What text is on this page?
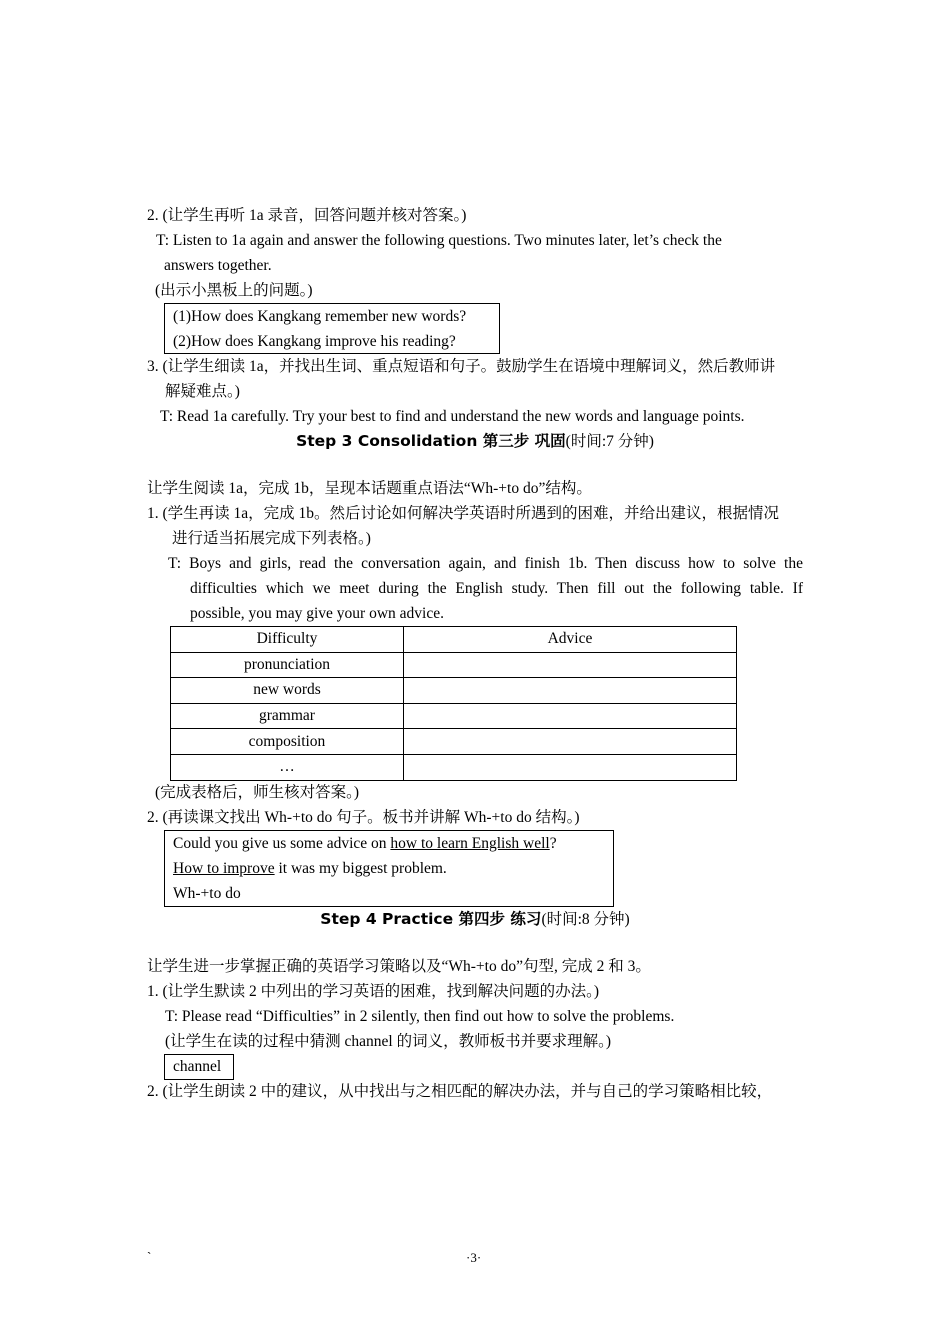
2. (让学生再听 1a 录音，回答问题并核对答案。)
T: Listen to 1a again and answer the following questions. Two minutes later, let’s check the
answers together.
(出示小黑板上的问题。)
(1)How does Kangkang remember new words?
(2)How does Kangkang improve his reading?
3. (让学生细读 1a，并找出生词、重点短语和句子。鼓励学生在语境中理解词义，然后教师讲
解疑难点。)
T: Read 1a carefully. Try your best to find and understand the new words and language points.
Step 3 Consolidation 第三步 巩固(时间:7 分钟)
让学生阅读 1a，完成 1b，呈现本话题重点语法“Wh-+to do”结构。
1. (学生再读 1a，完成 1b。然后讨论如何解决学英语时所遇到的困难，并给出建议，根据情况
进行适当拓展完成下列表格。)
T: Boys and girls, read the conversation again, and finish 1b. Then discuss how to solve the
difficulties which we meet during the English study. Then fill out the following table. If
possible, you may give your own advice.
Difficulty	Advice
pronunciation	
new words	
grammar	
composition	
…	
(完成表格后，师生核对答案。)
2. (再读课文找出 Wh-+to do 句子。板书并讲解 Wh-+to do 结构。)
Could you give us some advice on how to learn English well?
How to improve it was my biggest problem.
Wh-+to do
Step 4 Practice 第四步 练习(时间:8 分钟)
让学生进一步掌握正确的英语学习策略以及“Wh-+to do”句型, 完成 2 和 3。
1. (让学生默读 2 中列出的学习英语的困难，找到解决问题的办法。)
T: Please read “Difficulties” in 2 silently, then find out how to solve the problems.
(让学生在读的过程中猜测 channel 的词义，教师板书并要求理解。)
channel
2. (让学生朗读 2 中的建议，从中找出与之相匹配的解决办法，并与自己的学习策略相比较，
`	·3·
